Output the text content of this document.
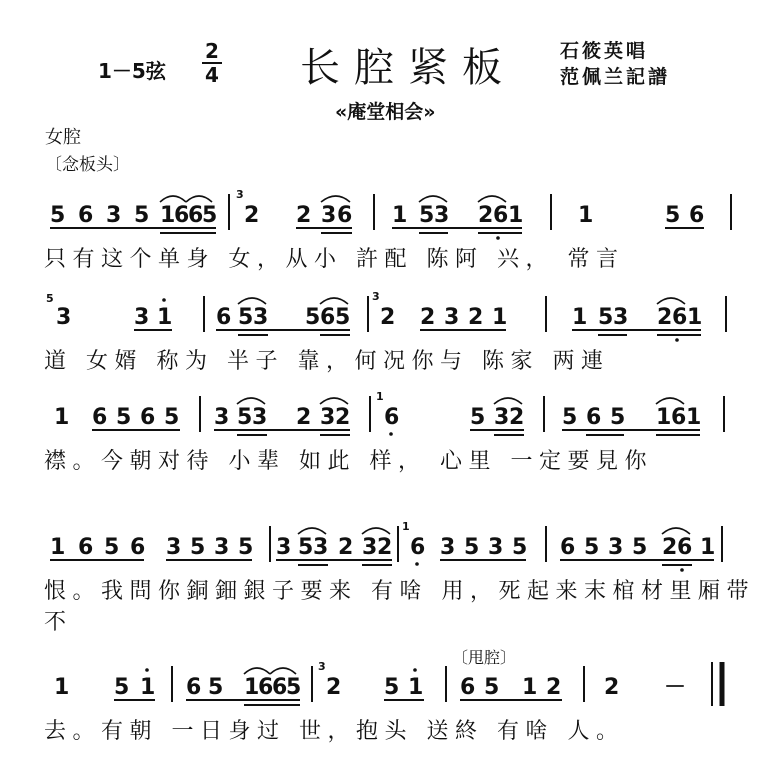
1－5弦
2
4 长腔紧板 石筱英唱
范佩兰記譜
«庵堂相会»
女腔
〔念板头〕
5 6 3 5 1
6
6
5
3
2 2 3 6 1 5 3 2 6 1 1	5 6
只有这个单身 女，从小 許配 陈阿 兴， 常言
5
3	3 1 6 5 3 5 6 5
3
2 2 3 2 1	1 5 3 2 6 1
道 女婿 称为 半子 靠，何况你与 陈家 两連
1 6 5 6 5 3 5 3 2 3 2
1
6	5 3 2 5 6 5 1 6 1
襟。今朝对待 小辈 如此 样， 心里 一定要見你
1 6 5 6 3 5 3 5 3 5 3 2 3 2
1
6 3 5 3 5 6 5 3 5 2 6 1
恨。我問你銅鈿銀子要来 有啥 用，死起来末棺材里厢带 不
〔甩腔〕
1 5 1 6 5 1
6
6
5
3
2 5 1 6 5 1 2 2 －
去。有朝 一日身过 世，抱头 送終 有啥 人。
